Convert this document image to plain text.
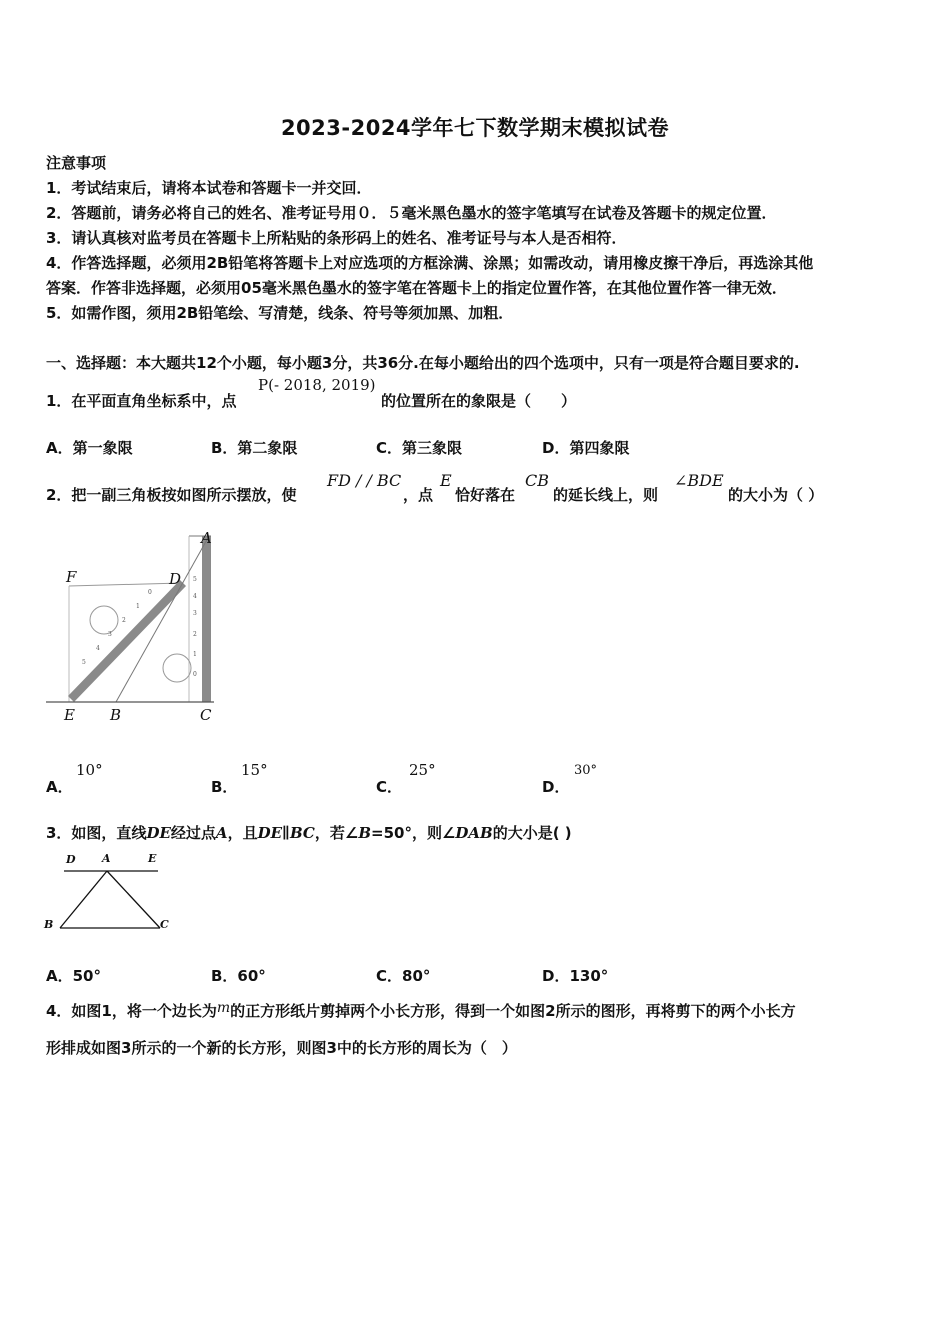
2023-2024学年七下数学期末模拟试卷
注意事项
1．考试结束后，请将本试卷和答题卡一并交回．
2．答题前，请务必将自己的姓名、准考证号用０．５毫米黑色墨水的签字笔填写在试卷及答题卡的规定位置．
3．请认真核对监考员在答题卡上所粘贴的条形码上的姓名、准考证号与本人是否相符．
4．作答选择题，必须用2B铅笔将答题卡上对应选项的方框涂满、涂黑；如需改动，请用橡皮擦干净后，再选涂其他
答案．作答非选择题，必须用05毫米黑色墨水的签字笔在答题卡上的指定位置作答，在其他位置作答一律无效．
5．如需作图，须用2B铅笔绘、写清楚，线条、符号等须加黑、加粗．
一、选择题：本大题共12个小题，每小题3分，共36分.在每小题给出的四个选项中，只有一项是符合题目要求的.
1．在平面直角坐标系中，点
P(- 2018, 2019)
的位置所在的象限是（　　）
A．第一象限	B．第二象限	C．第三象限	D．第四象限
2．把一副三角板按如图所示摆放，使
FD / / BC
，点
E
恰好落在
CB
的延长线上，则
∠BDE
的大小为（ ）
0
1
2
3
4
5
5
4
3
2
1
0
A
F	D
E B	C
A．
10°
B．
15°
C．
25°
D．
30°
3．如图，直线DE经过点A，且DE∥BC，若∠B=50°，则∠DAB的大小是( )
D A	E
B	C
A．50°	B．60°	C．80°	D．130°
4．如图1，将一个边长为m的正方形纸片剪掉两个小长方形，得到一个如图2所示的图形，再将剪下的两个小长方
形排成如图3所示的一个新的长方形，则图3中的长方形的周长为（　）
